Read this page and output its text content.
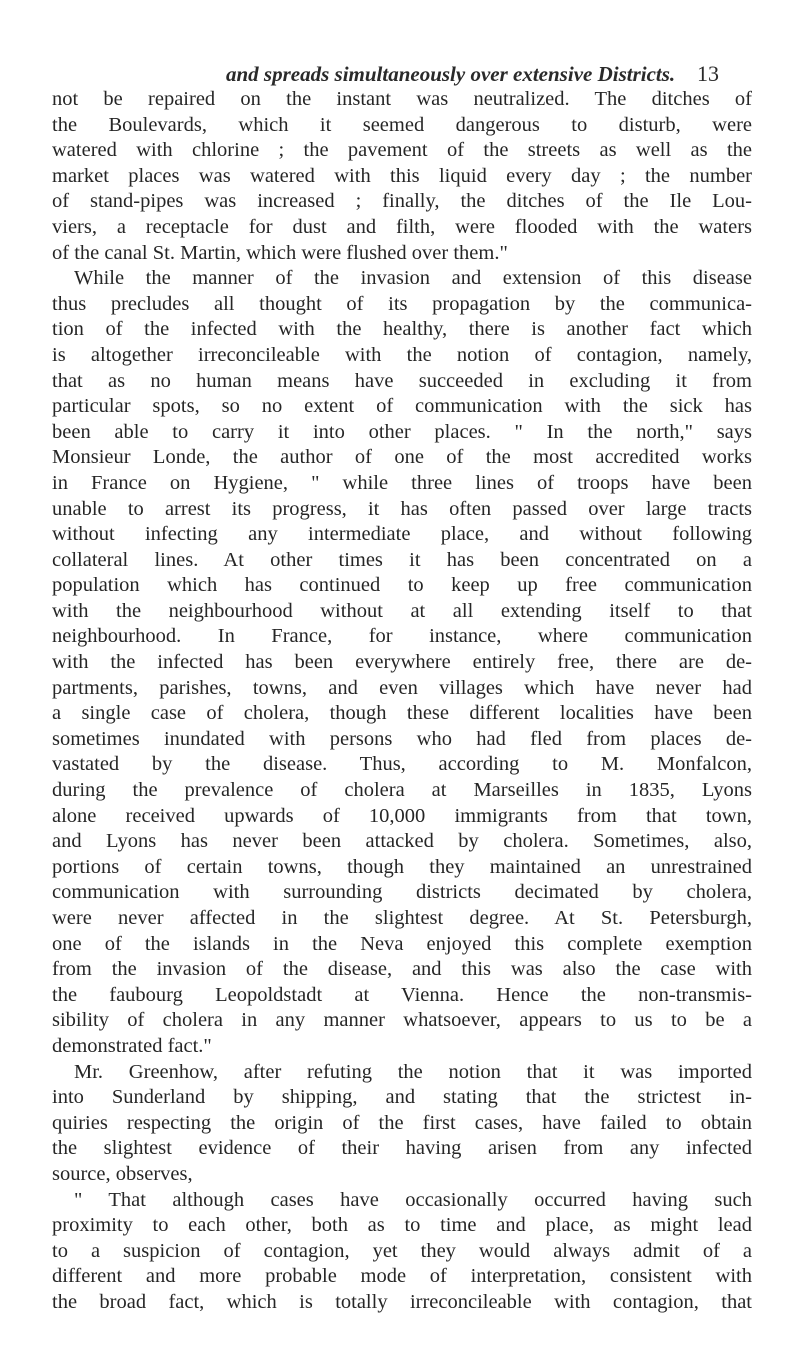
and spreads simultaneously over extensive Districts. 13
not be repaired on the instant was neutralized. The ditches of
the Boulevards, which it seemed dangerous to disturb, were
watered with chlorine ; the pavement of the streets as well as the
market places was watered with this liquid every day ; the number
of stand-pipes was increased ; finally, the ditches of the Ile Lou-
viers, a receptacle for dust and filth, were flooded with the waters
of the canal St. Martin, which were flushed over them."
While the manner of the invasion and extension of this disease
thus precludes all thought of its propagation by the communica-
tion of the infected with the healthy, there is another fact which
is altogether irreconcileable with the notion of contagion, namely,
that as no human means have succeeded in excluding it from
particular spots, so no extent of communication with the sick has
been able to carry it into other places. " In the north," says
Monsieur Londe, the author of one of the most accredited works
in France on Hygiene, " while three lines of troops have been
unable to arrest its progress, it has often passed over large tracts
without infecting any intermediate place, and without following
collateral lines. At other times it has been concentrated on a
population which has continued to keep up free communication
with the neighbourhood without at all extending itself to that
neighbourhood. In France, for instance, where communication
with the infected has been everywhere entirely free, there are de-
partments, parishes, towns, and even villages which have never had
a single case of cholera, though these different localities have been
sometimes inundated with persons who had fled from places de-
vastated by the disease. Thus, according to M. Monfalcon,
during the prevalence of cholera at Marseilles in 1835, Lyons
alone received upwards of 10,000 immigrants from that town,
and Lyons has never been attacked by cholera. Sometimes, also,
portions of certain towns, though they maintained an unrestrained
communication with surrounding districts decimated by cholera,
were never affected in the slightest degree. At St. Petersburgh,
one of the islands in the Neva enjoyed this complete exemption
from the invasion of the disease, and this was also the case with
the faubourg Leopoldstadt at Vienna. Hence the non-transmis-
sibility of cholera in any manner whatsoever, appears to us to be a
demonstrated fact."
Mr. Greenhow, after refuting the notion that it was imported
into Sunderland by shipping, and stating that the strictest in-
quiries respecting the origin of the first cases, have failed to obtain
the slightest evidence of their having arisen from any infected
source, observes,
" That although cases have occasionally occurred having such
proximity to each other, both as to time and place, as might lead
to a suspicion of contagion, yet they would always admit of a
different and more probable mode of interpretation, consistent with
the broad fact, which is totally irreconcileable with contagion, that
